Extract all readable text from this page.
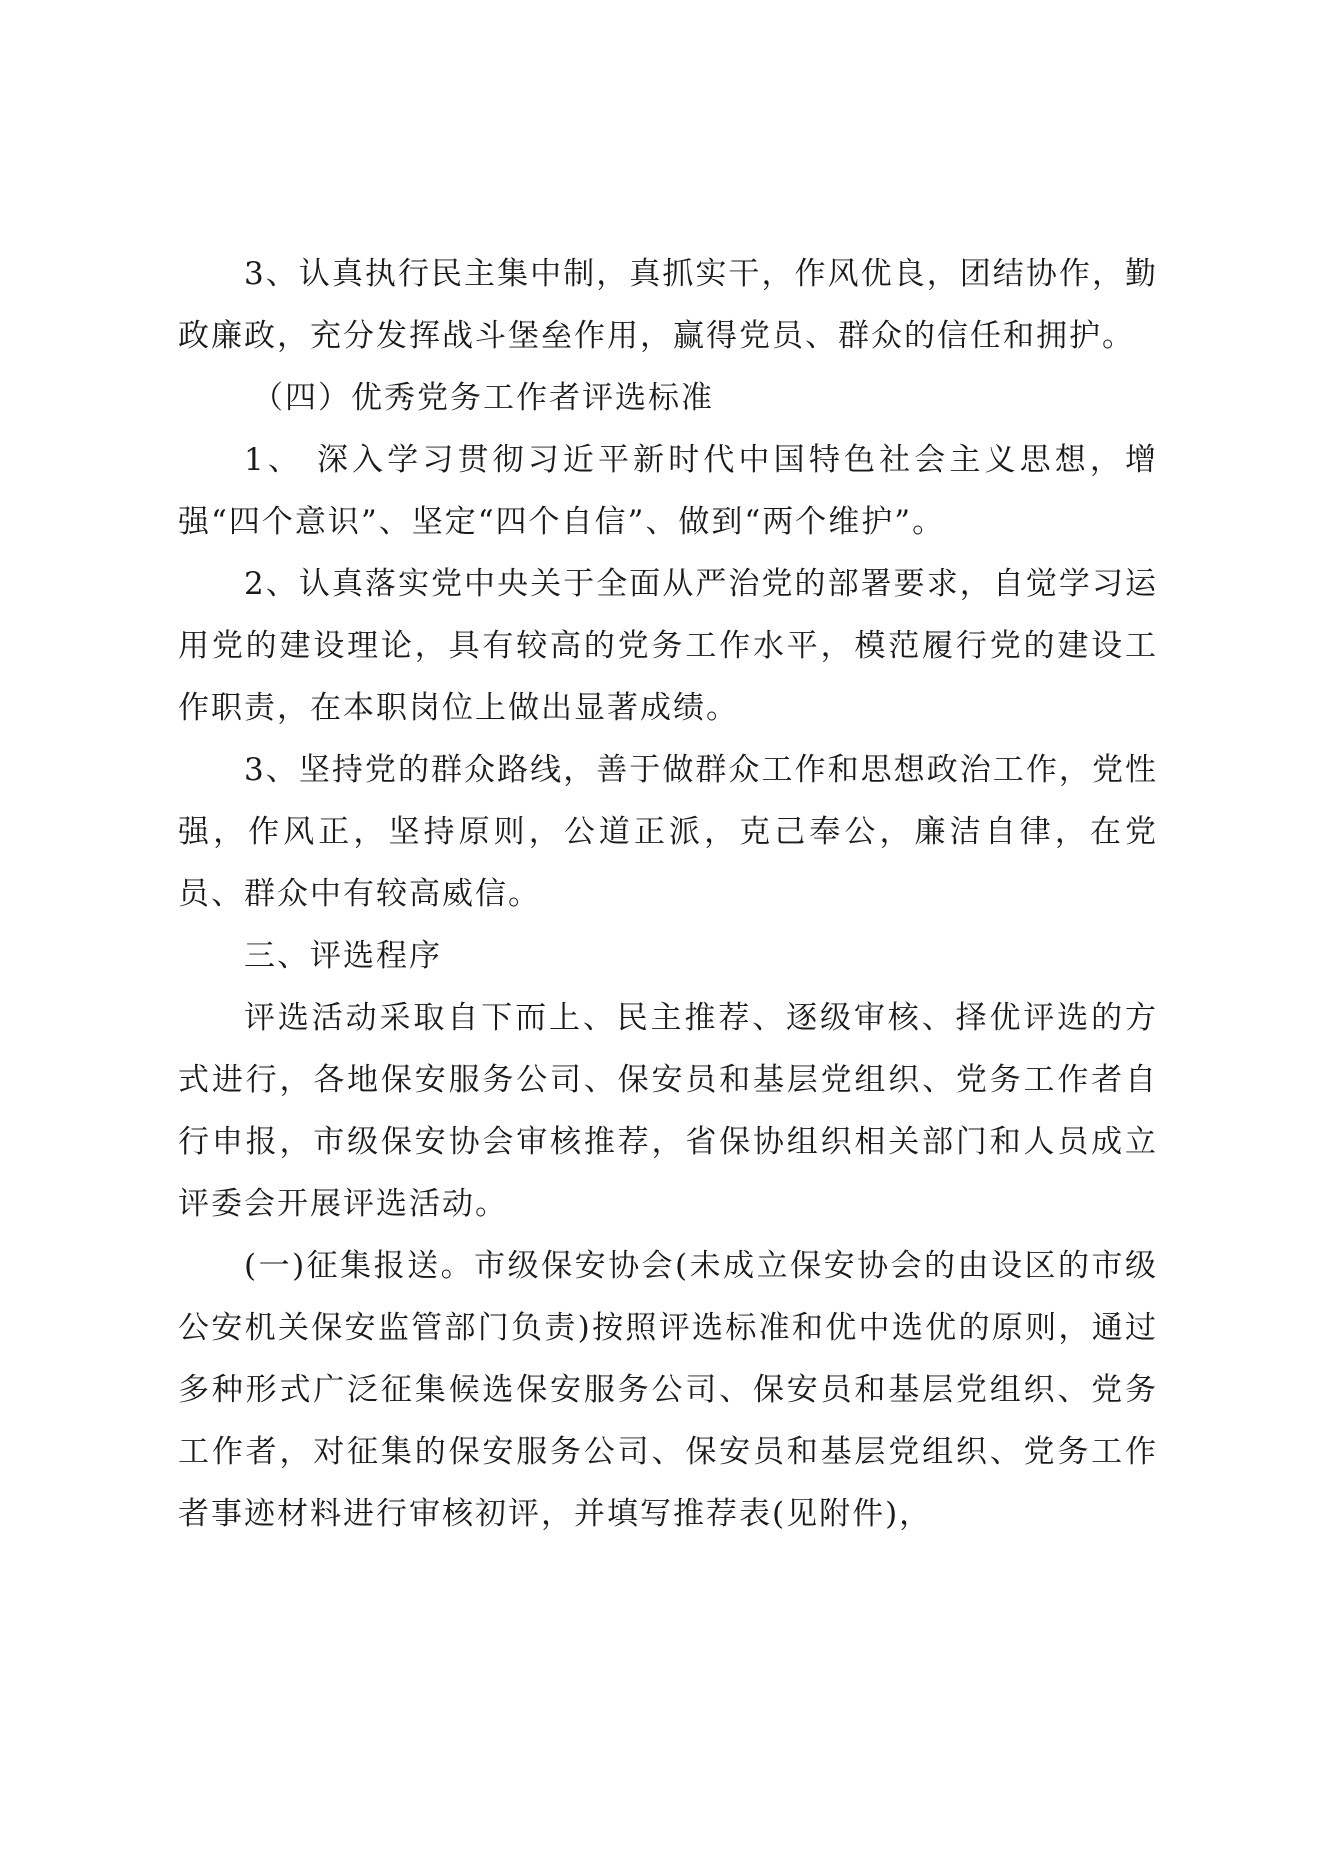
3、认真执行民主集中制，真抓实干，作风优良，团结协作，勤政廉政，充分发挥战斗堡垒作用，赢得党员、群众的信任和拥护。

（四）优秀党务工作者评选标准

1、 深入学习贯彻习近平新时代中国特色社会主义思想，增强“四个意识”、坚定“四个自信”、做到“两个维护”。

2、认真落实党中央关于全面从严治党的部署要求，自觉学习运用党的建设理论，具有较高的党务工作水平，模范履行党的建设工作职责，在本职岗位上做出显著成绩。

3、坚持党的群众路线，善于做群众工作和思想政治工作，党性强，作风正，坚持原则，公道正派，克己奉公，廉洁自律，在党员、群众中有较高威信。

三、评选程序

评选活动采取自下而上、民主推荐、逐级审核、择优评选的方式进行，各地保安服务公司、保安员和基层党组织、党务工作者自行申报，市级保安协会审核推荐，省保协组织相关部门和人员成立评委会开展评选活动。

(一)征集报送。市级保安协会(未成立保安协会的由设区的市级公安机关保安监管部门负责)按照评选标准和优中选优的原则，通过多种形式广泛征集候选保安服务公司、保安员和基层党组织、党务工作者，对征集的保安服务公司、保安员和基层党组织、党务工作者事迹材料进行审核初评，并填写推荐表(见附件)，
